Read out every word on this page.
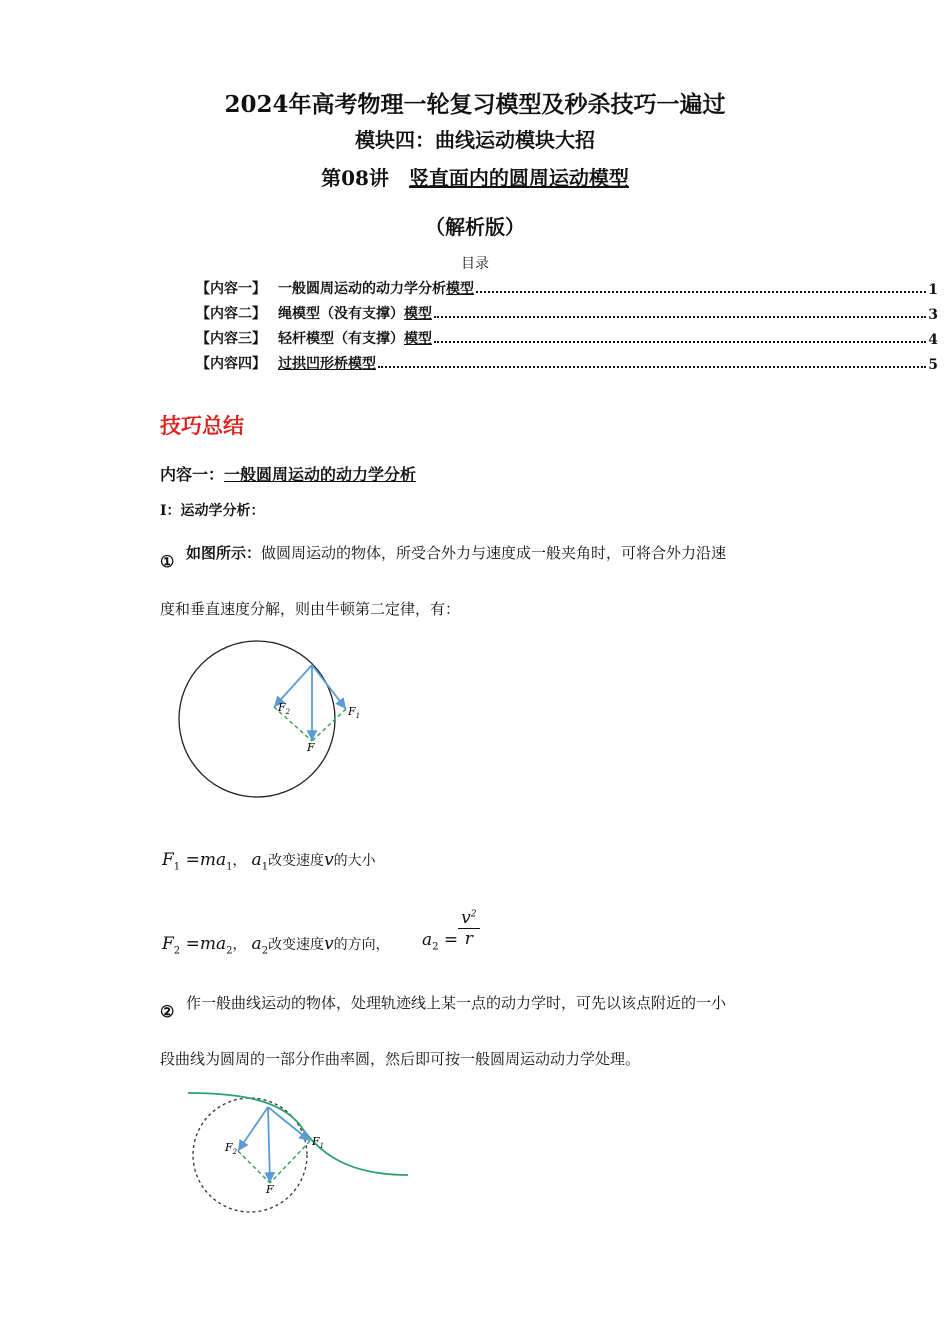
2024年高考物理一轮复习模型及秒杀技巧一遍过
模块四：曲线运动模块大招
第08讲 竖直面内的圆周运动模型
（解析版）
目录
【内容一】 一般圆周运动的动力学分析模型	1
【内容二】 绳模型（没有支撑）模型	3
【内容三】 轻杆模型（有支撑）模型	4
【内容四】 过拱凹形桥模型	5
技巧总结
内容一：一般圆周运动的动力学分析
Ⅰ：运动学分析：
① 如图所示：做圆周运动的物体，所受合外力与速度成一般夹角时，可将合外力沿速
度和垂直速度分解，则由牛顿第二定律，有：
$F_2$	$F_1$
F
$F_1 =ma_1$， $a_1$改变速度v的大小
$F_2 =ma_2$， $a_2$改变速度v的方向， $a_2 = \frac{v^2}{r}$
② 作一般曲线运动的物体，处理轨迹线上某一点的动力学时，可先以该点附近的一小
段曲线为圆周的一部分作曲率圆，然后即可按一般圆周运动动力学处理。
$F_2$
$F_1$
F
